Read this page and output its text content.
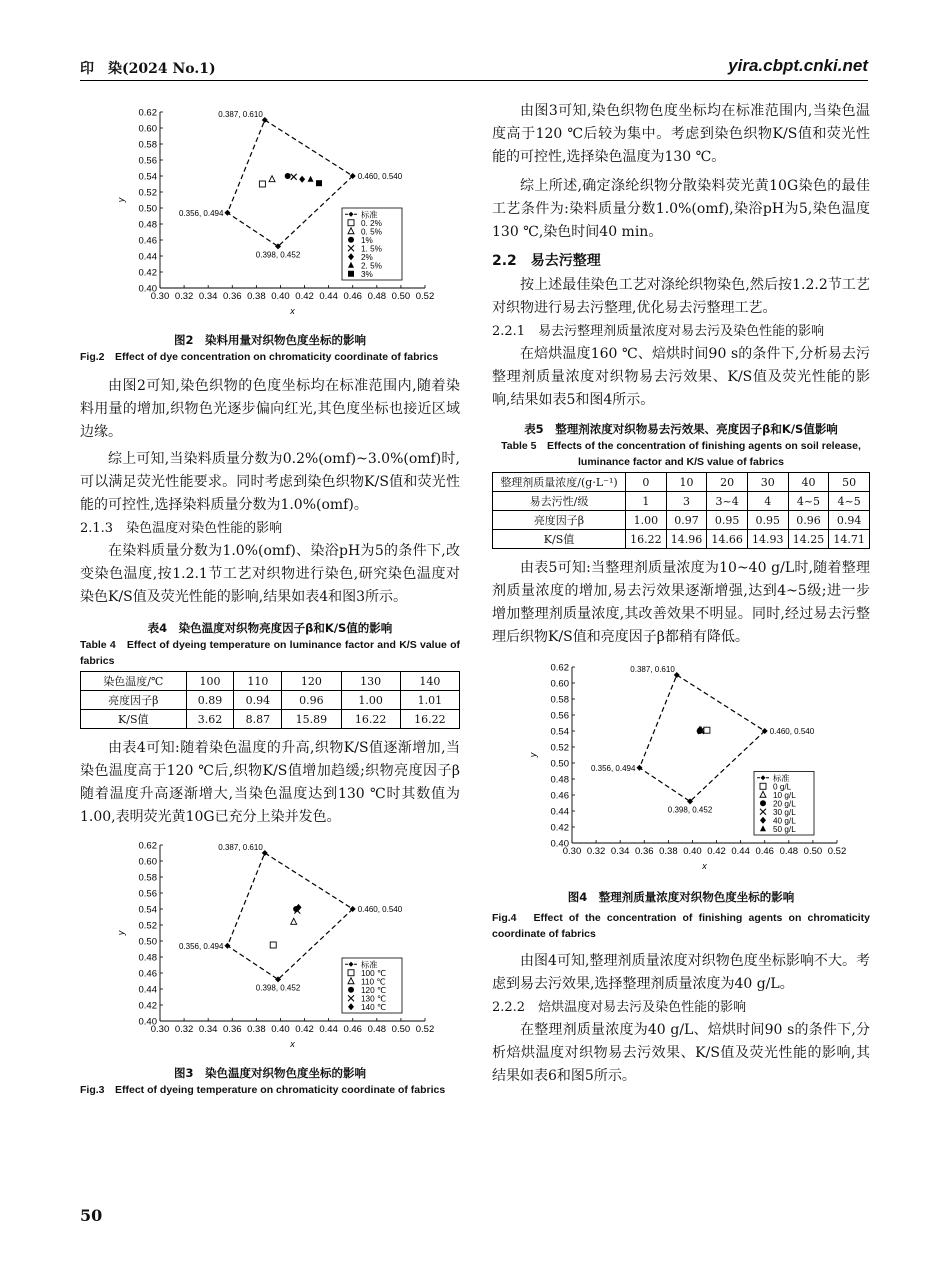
印　染(2024 No.1)	yira.cbpt.cnki.net
0.30 0.32 0.34 0.36 0.38 0.40 0.42 0.44 0.46 0.48 0.50 0.52
0.62
0.60
0.58
0.56
0.54
0.52
0.50
0.48
0.46
0.44
0.42
0.40
x
y
0.387, 0.610
0.460, 0.540
0.398, 0.452
0.356, 0.494	标准
0. 2%
0. 5%
1%
1. 5%
2%
2. 5%
3%
图2　染料用量对织物色度坐标的影响
Fig.2　Effect of dye concentration on chromaticity coordinate of fabrics

由图2可知,染色织物的色度坐标均在标准范围内,随着染料用量的增加,织物色光逐步偏向红光,其色度坐标也接近区域边缘。

综上可知,当染料质量分数为0.2%(omf)~3.0%(omf)时,可以满足荧光性能要求。同时考虑到染色织物K/S值和荧光性能的可控性,选择染料质量分数为1.0%(omf)。

2.1.3　染色温度对染色性能的影响

在染料质量分数为1.0%(omf)、染浴pH为5的条件下,改变染色温度,按1.2.1节工艺对织物进行染色,研究染色温度对染色K/S值及荧光性能的影响,结果如表4和图3所示。

表4　染色温度对织物亮度因子β和K/S值的影响
Table 4　Effect of dyeing temperature on luminance factor and K/S value of fabrics
染色温度/℃	100	110	120	130	140
亮度因子β	0.89	0.94	0.96	1.00	1.01
K/S值	3.62	8.87	15.89	16.22	16.22

由表4可知:随着染色温度的升高,织物K/S值逐渐增加,当染色温度高于120 ℃后,织物K/S值增加趋缓;织物亮度因子β随着温度升高逐渐增大,当染色温度达到130 ℃时其数值为1.00,表明荧光黄10G已充分上染并发色。

0.30 0.32 0.34 0.36 0.38 0.40 0.42 0.44 0.46 0.48 0.50 0.52
0.62
0.60
0.58
0.56
0.54
0.52
0.50
0.48
0.46
0.44
0.42
0.40
x
y
0.387, 0.610
0.460, 0.540
0.398, 0.452
0.356, 0.494
标准
100 ℃
110 ℃
120 ℃
130 ℃
140 ℃
图3　染色温度对织物色度坐标的影响
Fig.3　Effect of dyeing temperature on chromaticity coordinate of fabrics

由图3可知,染色织物色度坐标均在标准范围内,当染色温度高于120 ℃后较为集中。考虑到染色织物K/S值和荧光性能的可控性,选择染色温度为130 ℃。

综上所述,确定涤纶织物分散染料荧光黄10G染色的最佳工艺条件为:染料质量分数1.0%(omf),染浴pH为5,染色温度130 ℃,染色时间40 min。

2.2　易去污整理

按上述最佳染色工艺对涤纶织物染色,然后按1.2.2节工艺对织物进行易去污整理,优化易去污整理工艺。

2.2.1　易去污整理剂质量浓度对易去污及染色性能的影响

在焙烘温度160 ℃、焙烘时间90 s的条件下,分析易去污整理剂质量浓度对织物易去污效果、K/S值及荧光性能的影响,结果如表5和图4所示。

表5　整理剂浓度对织物易去污效果、亮度因子β和K/S值影响
Table 5　Effects of the concentration of finishing agents on soil release, luminance factor and K/S value of fabrics
整理剂质量浓度/(g·L⁻¹)	0	10	20	30	40	50
易去污性/级	1	3	3~4	4	4~5	4~5
亮度因子β	1.00	0.97	0.95	0.95	0.96	0.94
K/S值	16.22	14.96	14.66	14.93	14.25	14.71

由表5可知:当整理剂质量浓度为10~40 g/L时,随着整理剂质量浓度的增加,易去污效果逐渐增强,达到4~5级;进一步增加整理剂质量浓度,其改善效果不明显。同时,经过易去污整理后织物K/S值和亮度因子β都稍有降低。

0.30 0.32 0.34 0.36 0.38 0.40 0.42 0.44 0.46 0.48 0.50 0.52
0.62
0.60
0.58
0.56
0.54
0.52
0.50
0.48
0.46
0.44
0.42
0.40
x
y
0.387, 0.610
0.460, 0.540
0.398, 0.452
0.356, 0.494
标准
0 g/L
10 g/L
20 g/L
30 g/L
40 g/L
50 g/L
图4　整理剂质量浓度对织物色度坐标的影响
Fig.4　Effect of the concentration of finishing agents on chromaticity coordinate of fabrics

由图4可知,整理剂质量浓度对织物色度坐标影响不大。考虑到易去污效果,选择整理剂质量浓度为40 g/L。

2.2.2　焙烘温度对易去污及染色性能的影响

在整理剂质量浓度为40 g/L、焙烘时间90 s的条件下,分析焙烘温度对织物易去污效果、K/S值及荧光性能的影响,其结果如表6和图5所示。

50
